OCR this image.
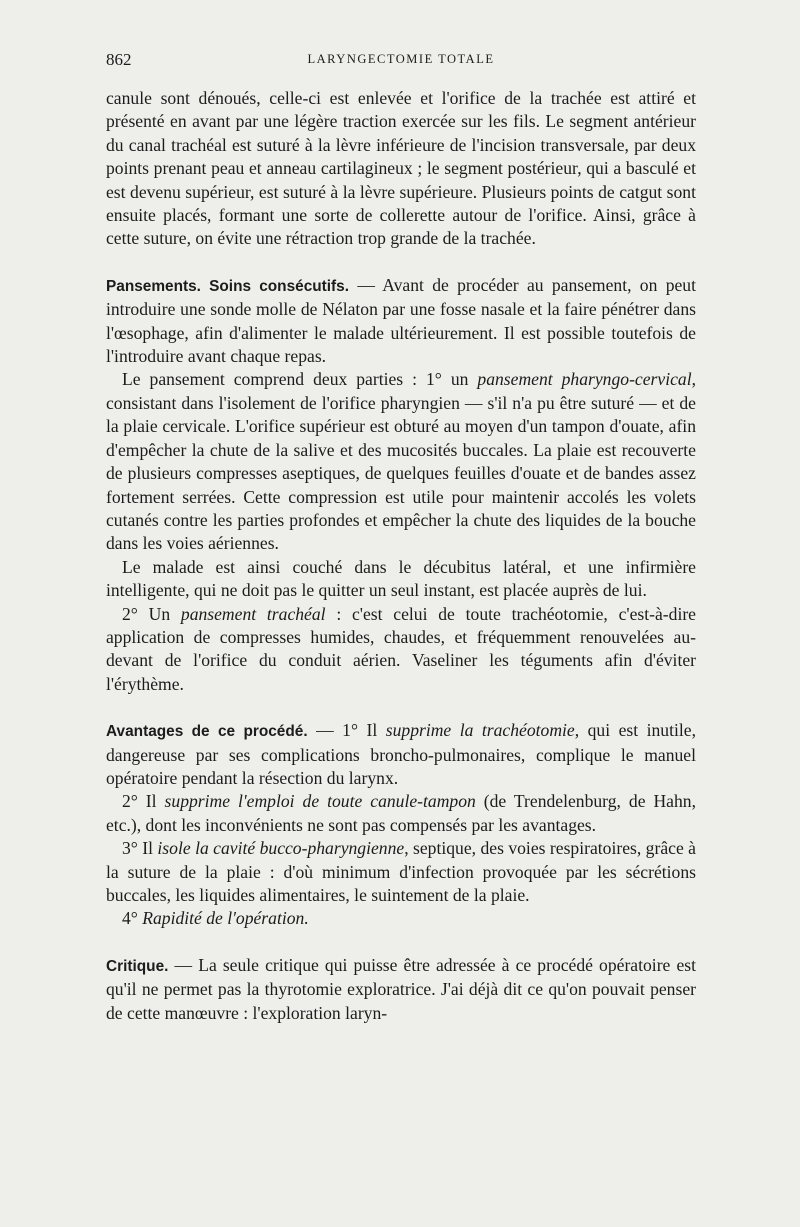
862	LARYNGECTOMIE TOTALE

canule sont dénoués, celle-ci est enlevée et l'orifice de la trachée est attiré et présenté en avant par une légère traction exercée sur les fils. Le segment antérieur du canal trachéal est suturé à la lèvre inférieure de l'incision transversale, par deux points prenant peau et anneau cartilagineux ; le segment postérieur, qui a basculé et est devenu supérieur, est suturé à la lèvre supérieure. Plusieurs points de catgut sont ensuite placés, formant une sorte de collerette autour de l'orifice. Ainsi, grâce à cette suture, on évite une rétraction trop grande de la trachée.

Pansements. Soins consécutifs. — Avant de procéder au pansement, on peut introduire une sonde molle de Nélaton par une fosse nasale et la faire pénétrer dans l'œsophage, afin d'alimenter le malade ultérieurement. Il est possible toutefois de l'introduire avant chaque repas.

Le pansement comprend deux parties : 1° un pansement pharyngo-cervical, consistant dans l'isolement de l'orifice pharyngien — s'il n'a pu être suturé — et de la plaie cervicale. L'orifice supérieur est obturé au moyen d'un tampon d'ouate, afin d'empêcher la chute de la salive et des mucosités buccales. La plaie est recouverte de plusieurs compresses aseptiques, de quelques feuilles d'ouate et de bandes assez fortement serrées. Cette compression est utile pour maintenir accolés les volets cutanés contre les parties profondes et empêcher la chute des liquides de la bouche dans les voies aériennes.

Le malade est ainsi couché dans le décubitus latéral, et une infirmière intelligente, qui ne doit pas le quitter un seul instant, est placée auprès de lui.

2° Un pansement trachéal : c'est celui de toute trachéotomie, c'est-à-dire application de compresses humides, chaudes, et fréquemment renouvelées au-devant de l'orifice du conduit aérien. Vaseliner les téguments afin d'éviter l'érythème.

Avantages de ce procédé. — 1° Il supprime la trachéotomie, qui est inutile, dangereuse par ses complications broncho-pulmonaires, complique le manuel opératoire pendant la résection du larynx.

2° Il supprime l'emploi de toute canule-tampon (de Trendelenburg, de Hahn, etc.), dont les inconvénients ne sont pas compensés par les avantages.

3° Il isole la cavité bucco-pharyngienne, septique, des voies respiratoires, grâce à la suture de la plaie : d'où minimum d'infection provoquée par les sécrétions buccales, les liquides alimentaires, le suintement de la plaie.

4° Rapidité de l'opération.

Critique. — La seule critique qui puisse être adressée à ce procédé opératoire est qu'il ne permet pas la thyrotomie exploratrice. J'ai déjà dit ce qu'on pouvait penser de cette manœuvre : l'exploration laryn-
